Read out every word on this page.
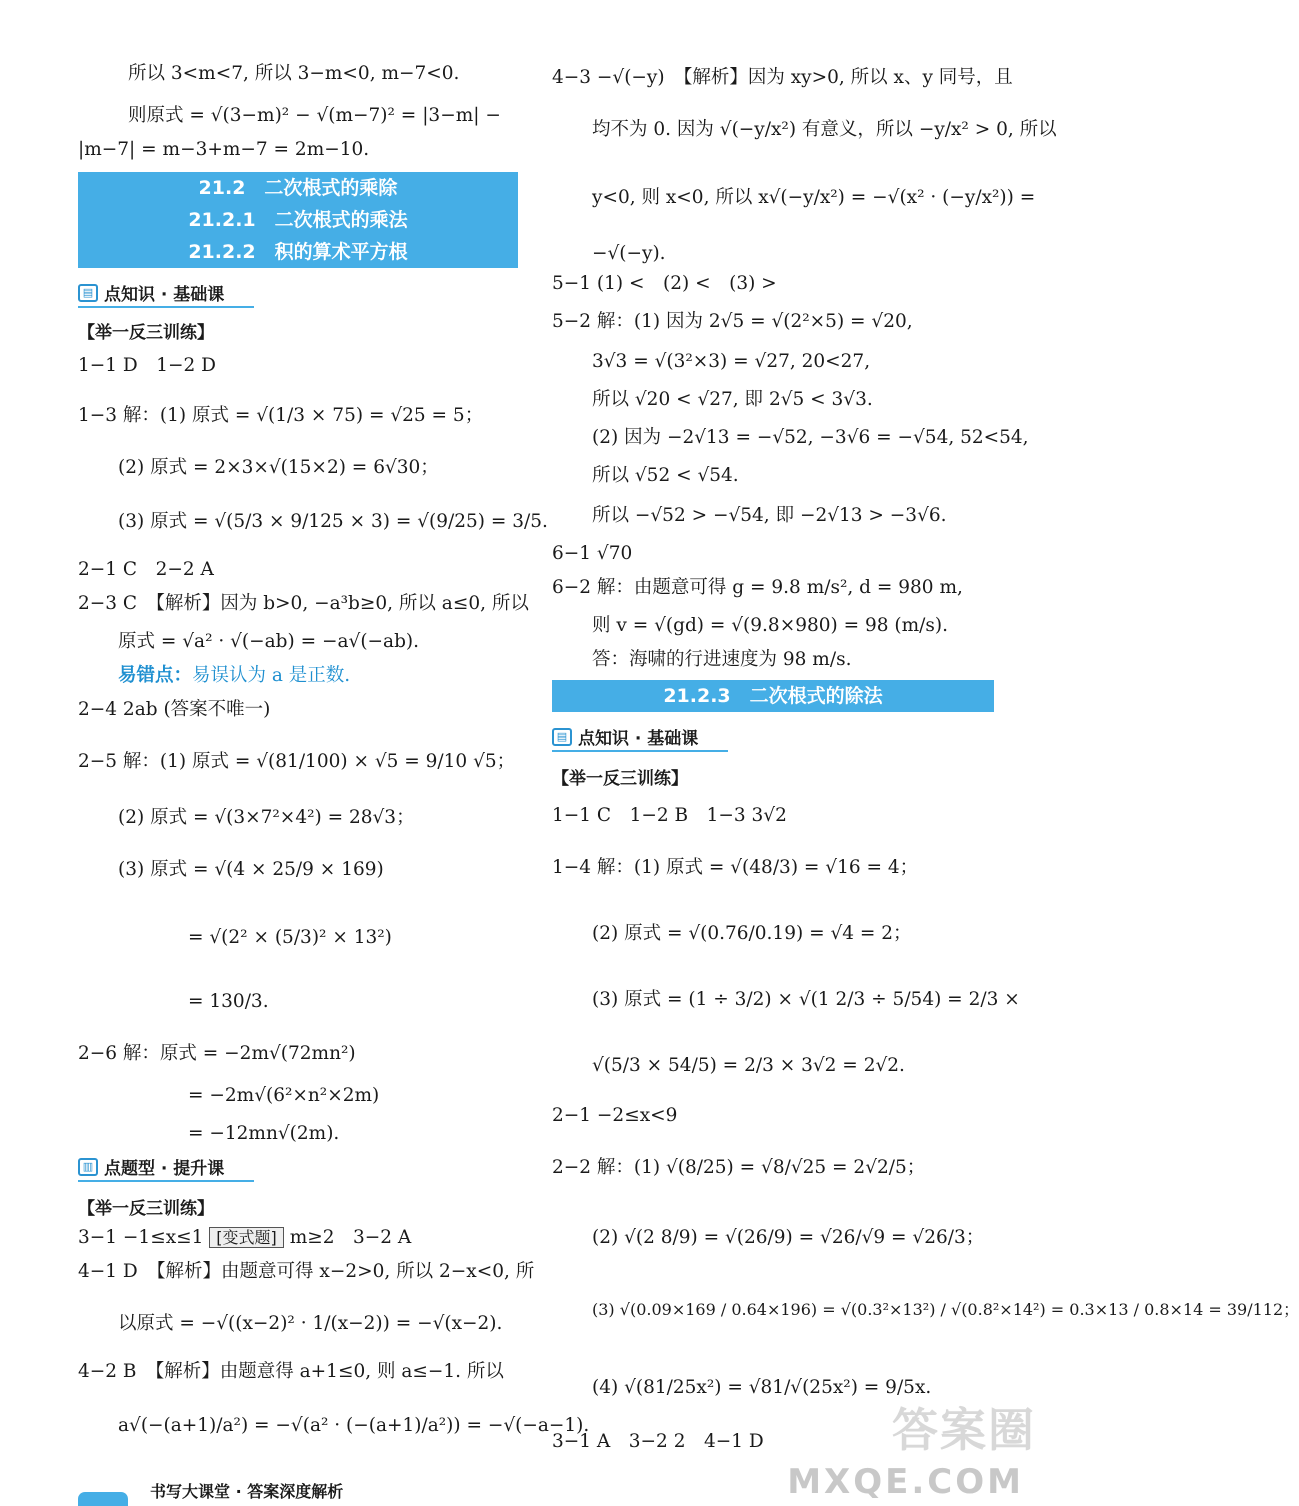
所以 3<m<7, 所以 3−m<0, m−7<0.
则原式 = √(3−m)² − √(m−7)² = |3−m| −
|m−7| = m−3+m−7 = 2m−10.
21.2　二次根式的乘除
21.2.1　二次根式的乘法
21.2.2　积的算术平方根
▤ 点知识 · 基础课
【举一反三训练】
1−1 D　1−2 D
1−3 解：(1) 原式 = √(1/3 × 75) = √25 = 5；
(2) 原式 = 2×3×√(15×2) = 6√30；
(3) 原式 = √(5/3 × 9/125 × 3) = √(9/25) = 3/5.
2−1 C　2−2 A
2−3 C　【解析】因为 b>0, −a³b≥0, 所以 a≤0, 所以
原式 = √a² · √(−ab) = −a√(−ab).
易错点：易误认为 a 是正数.
2−4 2ab (答案不唯一)
2−5 解：(1) 原式 = √(81/100) × √5 = 9/10 √5；
(2) 原式 = √(3×7²×4²) = 28√3；
(3) 原式 = √(4 × 25/9 × 169)
= √(2² × (5/3)² × 13²)
= 130/3.
2−6 解：原式 = −2m√(72mn²)
= −2m√(6²×n²×2m)
= −12mn√(2m).
▥ 点题型 · 提升课
【举一反三训练】
3−1 −1≤x≤1 [变式题] m≥2　3−2 A
4−1 D　【解析】由题意可得 x−2>0, 所以 2−x<0, 所
以原式 = −√((x−2)² · 1/(x−2)) = −√(x−2).
4−2 B　【解析】由题意得 a+1≤0, 则 a≤−1. 所以
a√(−(a+1)/a²) = −√(a² · (−(a+1)/a²)) = −√(−a−1).
4−3 −√(−y)　【解析】因为 xy>0, 所以 x、y 同号，且
均不为 0. 因为 √(−y/x²) 有意义，所以 −y/x² > 0, 所以
y<0, 则 x<0, 所以 x√(−y/x²) = −√(x² · (−y/x²)) =
−√(−y).
5−1 (1) <　(2) <　(3) >
5−2 解：(1) 因为 2√5 = √(2²×5) = √20,
3√3 = √(3²×3) = √27, 20<27,
所以 √20 < √27, 即 2√5 < 3√3.
(2) 因为 −2√13 = −√52, −3√6 = −√54, 52<54,
所以 √52 < √54.
所以 −√52 > −√54, 即 −2√13 > −3√6.
6−1 √70
6−2 解：由题意可得 g = 9.8 m/s², d = 980 m,
则 v = √(gd) = √(9.8×980) = 98 (m/s).
答：海啸的行进速度为 98 m/s.
21.2.3　二次根式的除法
▤ 点知识 · 基础课
【举一反三训练】
1−1 C　1−2 B　1−3 3√2
1−4 解：(1) 原式 = √(48/3) = √16 = 4；
(2) 原式 = √(0.76/0.19) = √4 = 2；
(3) 原式 = (1 ÷ 3/2) × √(1 2/3 ÷ 5/54) = 2/3 ×
√(5/3 × 54/5) = 2/3 × 3√2 = 2√2.
2−1 −2≤x<9
2−2 解：(1) √(8/25) = √8/√25 = 2√2/5；
(2) √(2 8/9) = √(26/9) = √26/√9 = √26/3；
(3) √(0.09×169 / 0.64×196) = √(0.3²×13²) / √(0.8²×14²) = 0.3×13 / 0.8×14 = 39/112；
(4) √(81/25x²) = √81/√(25x²) = 9/5x.
3−1 A　3−2 2　4−1 D	答案圈
MXQE.COM
书写大课堂 · 答案深度解析
